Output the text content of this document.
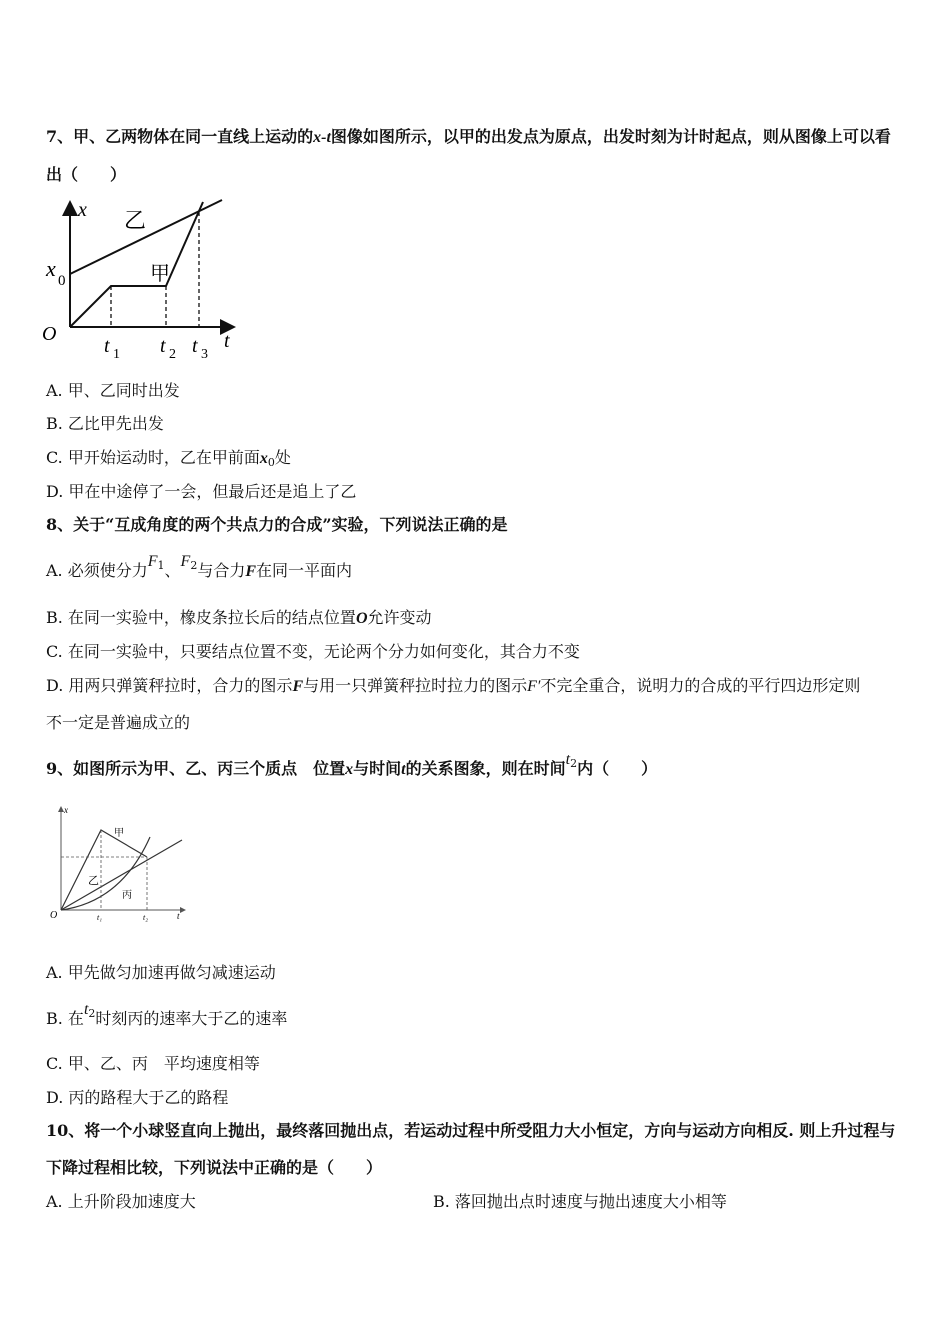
7、甲、乙两物体在同一直线上运动的x-t图像如图所示，以甲的出发点为原点，出发时刻为计时起点，则从图像上可以看
出（　　）
x
t
O
x 0
乙
甲
t 1 t 2 t 3
A. 甲、乙同时出发
B. 乙比甲先出发
C. 甲开始运动时，乙在甲前面$x_0$处
D. 甲在中途停了一会，但最后还是追上了乙
8、关于“互成角度的两个共点力的合成”实验，下列说法正确的是
A. 必须使分力$F^1$、$F^2$与合力F在同一平面内
B. 在同一实验中，橡皮条拉长后的结点位置O允许变动
C. 在同一实验中，只要结点位置不变，无论两个分力如何变化，其合力不变
D. 用两只弹簧秤拉时，合力的图示F与用一只弹簧秤拉时拉力的图示F′不完全重合，说明力的合成的平行四边形定则
不一定是普遍成立的
9、如图所示为甲、乙、丙三个质点　位置x与时间t的关系图象，则在时间$t^2$内（　　）
x
t
O
甲
乙
丙
t₁	t₂
A. 甲先做匀加速再做匀减速运动
B. 在$t^2$时刻丙的速率大于乙的速率
C. 甲、乙、丙　平均速度相等
D. 丙的路程大于乙的路程
10、将一个小球竖直向上抛出，最终落回抛出点，若运动过程中所受阻力大小恒定，方向与运动方向相反. 则上升过程与
下降过程相比较，下列说法中正确的是（　　）
A. 上升阶段加速度大	B. 落回抛出点时速度与抛出速度大小相等
